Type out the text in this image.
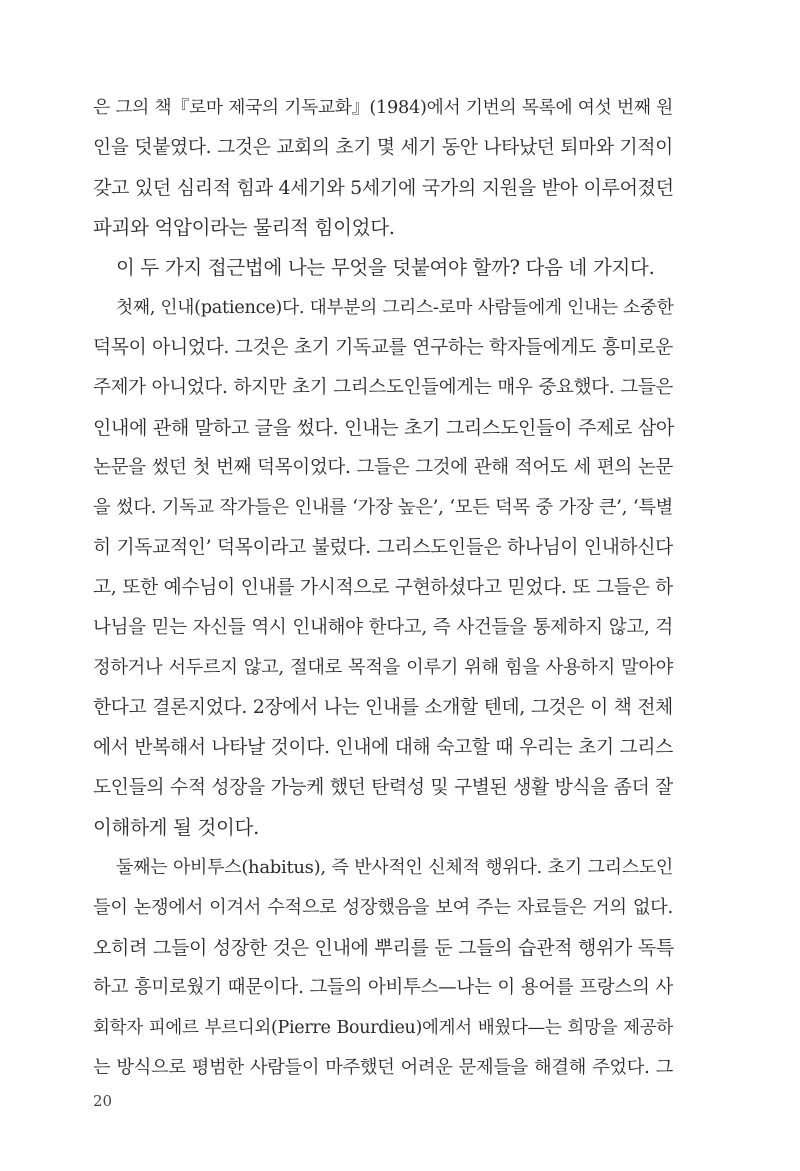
은 그의 책『로마 제국의 기독교화』(1984)에서 기번의 목록에 여섯 번째 원
인을 덧붙였다. 그것은 교회의 초기 몇 세기 동안 나타났던 퇴마와 기적이
갖고 있던 심리적 힘과 4세기와 5세기에 국가의 지원을 받아 이루어졌던
파괴와 억압이라는 물리적 힘이었다.
이 두 가지 접근법에 나는 무엇을 덧붙여야 할까? 다음 네 가지다.
첫째, 인내(patience)다. 대부분의 그리스-로마 사람들에게 인내는 소중한
덕목이 아니었다. 그것은 초기 기독교를 연구하는 학자들에게도 흥미로운
주제가 아니었다. 하지만 초기 그리스도인들에게는 매우 중요했다. 그들은
인내에 관해 말하고 글을 썼다. 인내는 초기 그리스도인들이 주제로 삼아
논문을 썼던 첫 번째 덕목이었다. 그들은 그것에 관해 적어도 세 편의 논문
을 썼다. 기독교 작가들은 인내를 ‘가장 높은’, ‘모든 덕목 중 가장 큰’, ‘특별
히 기독교적인’ 덕목이라고 불렀다. 그리스도인들은 하나님이 인내하신다
고, 또한 예수님이 인내를 가시적으로 구현하셨다고 믿었다. 또 그들은 하
나님을 믿는 자신들 역시 인내해야 한다고, 즉 사건들을 통제하지 않고, 걱
정하거나 서두르지 않고, 절대로 목적을 이루기 위해 힘을 사용하지 말아야
한다고 결론지었다. 2장에서 나는 인내를 소개할 텐데, 그것은 이 책 전체
에서 반복해서 나타날 것이다. 인내에 대해 숙고할 때 우리는 초기 그리스
도인들의 수적 성장을 가능케 했던 탄력성 및 구별된 생활 방식을 좀더 잘
이해하게 될 것이다.
둘째는 아비투스(habitus), 즉 반사적인 신체적 행위다. 초기 그리스도인
들이 논쟁에서 이겨서 수적으로 성장했음을 보여 주는 자료들은 거의 없다.
오히려 그들이 성장한 것은 인내에 뿌리를 둔 그들의 습관적 행위가 독특
하고 흥미로웠기 때문이다. 그들의 아비투스—나는 이 용어를 프랑스의 사
회학자 피에르 부르디외(Pierre Bourdieu)에게서 배웠다—는 희망을 제공하
는 방식으로 평범한 사람들이 마주했던 어려운 문제들을 해결해 주었다. 그
20
